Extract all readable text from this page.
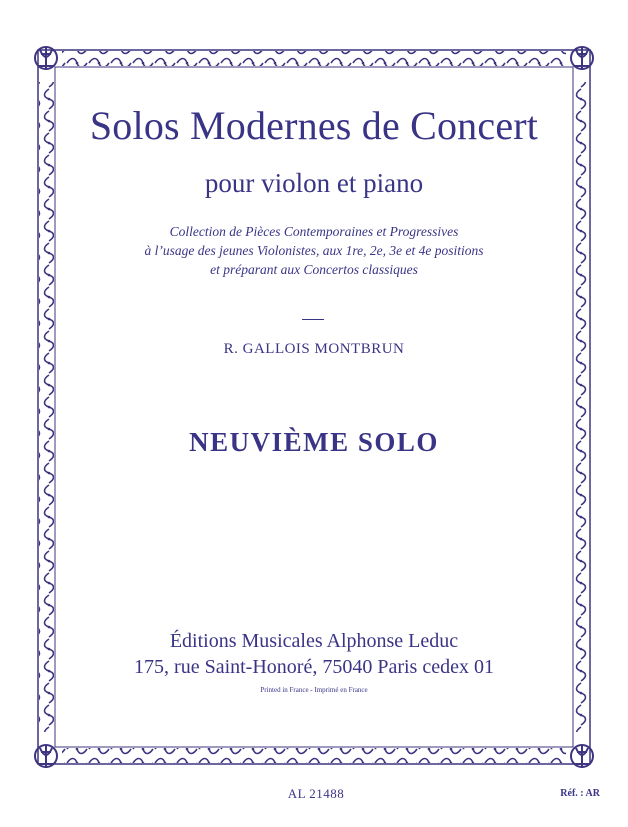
Solos Modernes de Concert
pour violon et piano
Collection de Pièces Contemporaines et Progressives
à l’usage des jeunes Violonistes, aux 1re, 2e, 3e et 4e positions
et préparant aux Concertos classiques
R. GALLOIS MONTBRUN
NEUVIÈME SOLO
Éditions Musicales Alphonse Leduc
175, rue Saint-Honoré, 75040 Paris cedex 01
Printed in France - Imprimé en France
AL 21488	Réf. : AR
